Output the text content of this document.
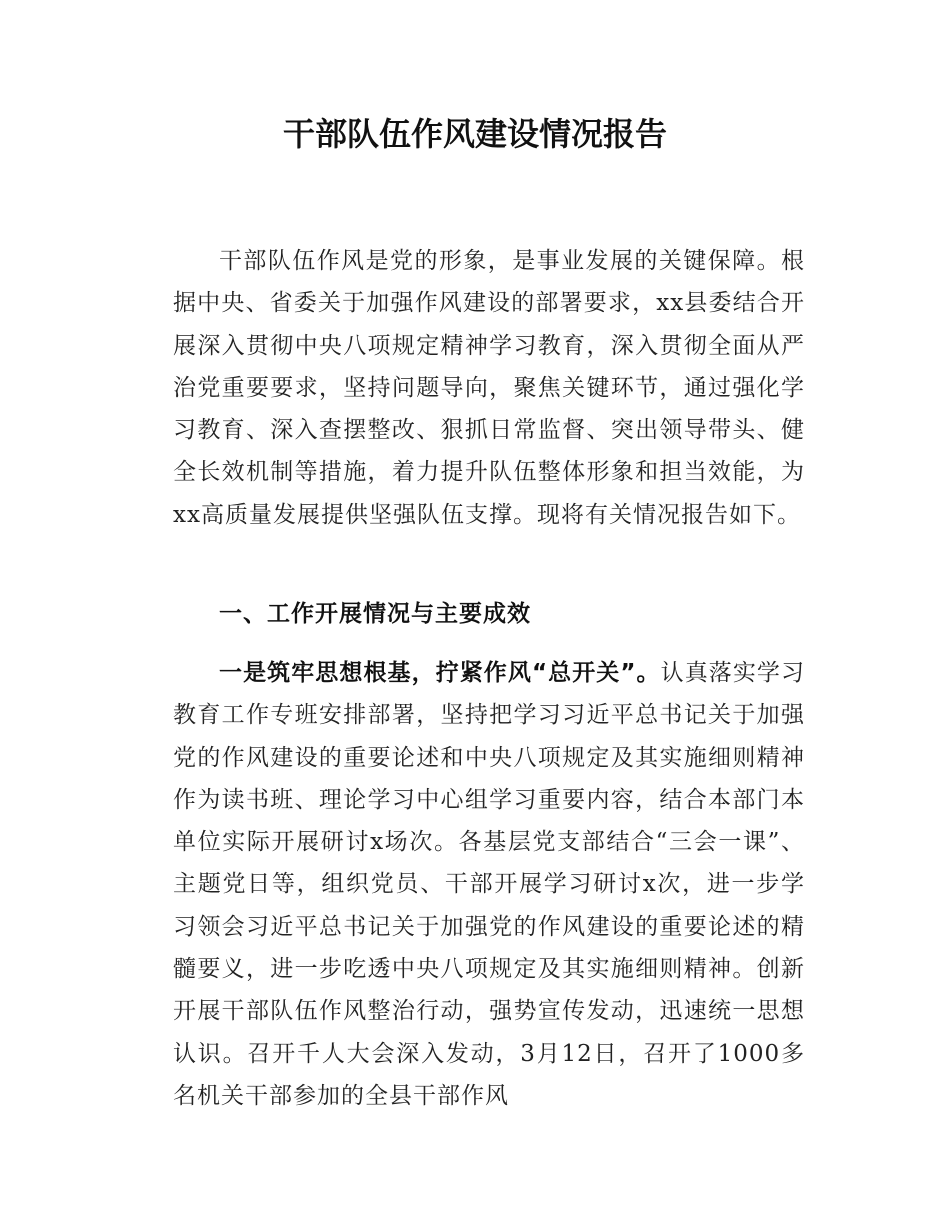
干部队伍作风建设情况报告

干部队伍作风是党的形象，是事业发展的关键保障。根据中央、省委关于加强作风建设的部署要求，xx县委结合开展深入贯彻中央八项规定精神学习教育，深入贯彻全面从严治党重要要求，坚持问题导向，聚焦关键环节，通过强化学习教育、深入查摆整改、狠抓日常监督、突出领导带头、健全长效机制等措施，着力提升队伍整体形象和担当效能，为xx高质量发展提供坚强队伍支撑。现将有关情况报告如下。

一、工作开展情况与主要成效

一是筑牢思想根基，拧紧作风“总开关”。认真落实学习教育工作专班安排部署，坚持把学习习近平总书记关于加强党的作风建设的重要论述和中央八项规定及其实施细则精神作为读书班、理论学习中心组学习重要内容，结合本部门本单位实际开展研讨x场次。各基层党支部结合“三会一课”、主题党日等，组织党员、干部开展学习研讨x次，进一步学习领会习近平总书记关于加强党的作风建设的重要论述的精髓要义，进一步吃透中央八项规定及其实施细则精神。创新开展干部队伍作风整治行动，强势宣传发动，迅速统一思想认识。召开千人大会深入发动，3月12日，召开了1000多名机关干部参加的全县干部作风
